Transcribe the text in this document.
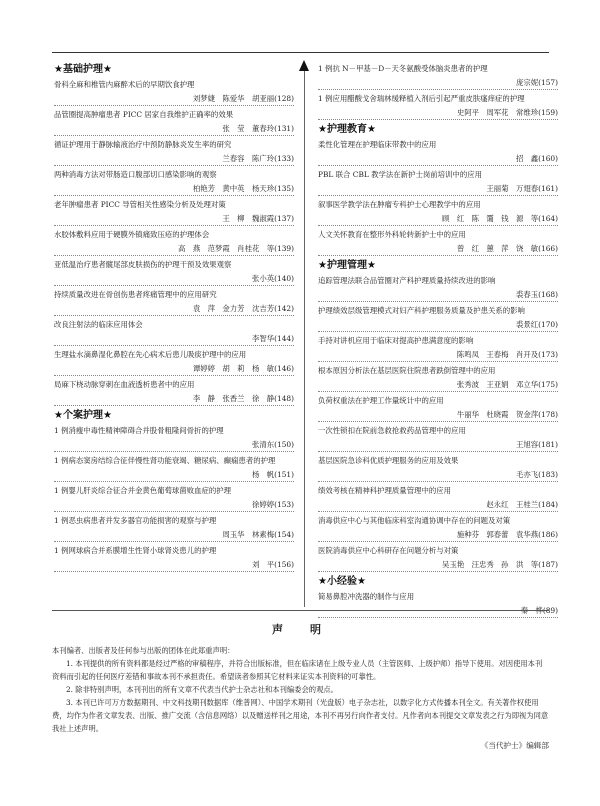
★基础护理★
骨科全麻和椎管内麻醉术后的早期饮食护理
刘梦婕　陈爱华　胡亚丽(128)
品管圈提高肿瘤患者 PICC 居家自我维护正确率的效果
张　莹　董春玲(131)
循证护理用于静脉输液治疗中预防静脉炎发生率的研究
兰春容　陈广玲(133)
两种消毒方法对带肠造口腹部切口感染影响的观察
柏艳芳　黄中英　杨天珍(135)
老年肿瘤患者 PICC 导管相关性感染分析及处理对策
王　柳　魏淑霞(137)
水胶体敷料应用于硬膜外镇痛致压疮的护理体会
高　燕　范梦霞　肖桂花　等(139)
亚低温治疗患者髋尾部皮肤损伤的护理干预及效果观察
张小英(140)
持续质量改进在骨创伤患者疼痛管理中的应用研究
袁　萍　金力芳　沈吉芳(142)
改良注射法的临床应用体会
李智华(144)
生理盐水滴鼻湿化鼻腔在先心病术后患儿吸痰护理中的应用
谭婷婷　胡　莉　杨　敏(146)
局麻下桡动脉穿刺在血液透析患者中的应用
李　静　张香兰　徐　静(148)
★个案护理★
1 例消瘦中毒性精神障碍合并股骨粗隆间骨折的护理
张清东(150)
1 例病态窦房结综合征伴慢性肾功能衰竭、糖尿病、癫痫患者的护理
杨　帆(151)
1 例婴儿肝炎综合征合并金黄色葡萄球菌败血症的护理
徐婷婷(153)
1 例恶虫病患者并发多器官功能损害的观察与护理
周玉华　林素梅(154)
1 例网球病合并系膜增生性肾小球肾炎患儿的护理
刘　平(156)
1 例抗 N－甲基－D－天冬氨酸受体脑炎患者的护理
庞宗妮(157)
1 例应用醋酸戈舍瑞林缓释植入剂后引起严重皮肤瘙痒症的护理
史阿平　周军花　常维珍(159)
★护理教育★
柔性化管理在护理临床带教中的应用
招　鑫(160)
PBL 联合 CBL 教学法在新护士岗前培训中的应用
王丽菊　万翅春(161)
叙事医学教学法在肿瘤专科护士心理教学中的应用
顾　红　陈　霭　钱　源　等(164)
人文关怀教育在整形外科轮转新护士中的应用
曾　红　蕙　萍　饶　敏(166)
★护理管理★
追踪管理法联合品管圈对产科护理质量持续改进的影响
裘春玉(168)
护理绩效层级管理模式对妇产科护理服务质量及护患关系的影响
裘景红(170)
手持对讲机应用于临床对提高护患满意度的影响
陈鸣凤　王春梅　肖开及(173)
根本原因分析法在基层医院住院患者跌倒管理中的应用
张秀波　王亚娟　邓立华(175)
负荷权重法在护理工作量统计中的应用
牛丽华　杜晓霞　贺金萍(178)
一次性锁扣在院前急救抢救药品管理中的应用
王旭容(181)
基层医院急诊科优质护理服务的应用及效果
毛亦飞(183)
绩效考核在精神科护理质量管理中的应用
赵永红　王桂兰(184)
消毒供应中心与其他临床科室沟通协调中存在的问题及对策
施种芬　郭春蕾　袁华燕(186)
医院消毒供应中心科研存在问题分析与对策
吴玉艳　汪忠秀　孙　洪　等(187)
★小经验★
简易鼻腔冲洗器的制作与应用
秦　桦(89)
声　明
本刊编者、出版者及任何参与出版的团体在此郑重声明：
1. 本刊提供的所有资料都是经过严格的审稿程序，并符合出版标准，但在临床诸在上级专业人员（主管医师、上级护师）指导下使用。对因使用本刊资料而引起的任何医疗差错和事故本刊不承担责任。希望读者参照其它材料来证实本刊资料的可靠性。
2. 除非特别声明，本刊刊出的所有文章不代表当代护士杂志社和本刊编委会的观点。
3. 本刊已许可万方数据期刊、中文科技期刊数据库（维普网）、中国学术期刊（光盘版）电子杂志社，以数字化方式传播本刊全文。有关著作权使用费，均作为作者文章发表、出版、推广交流（含信息网络）以及赠送样刊之用途，本刊不再另行向作者支付。凡作者向本刊提交文章发表之行为即视为同意我社上述声明。
《当代护士》编辑部
